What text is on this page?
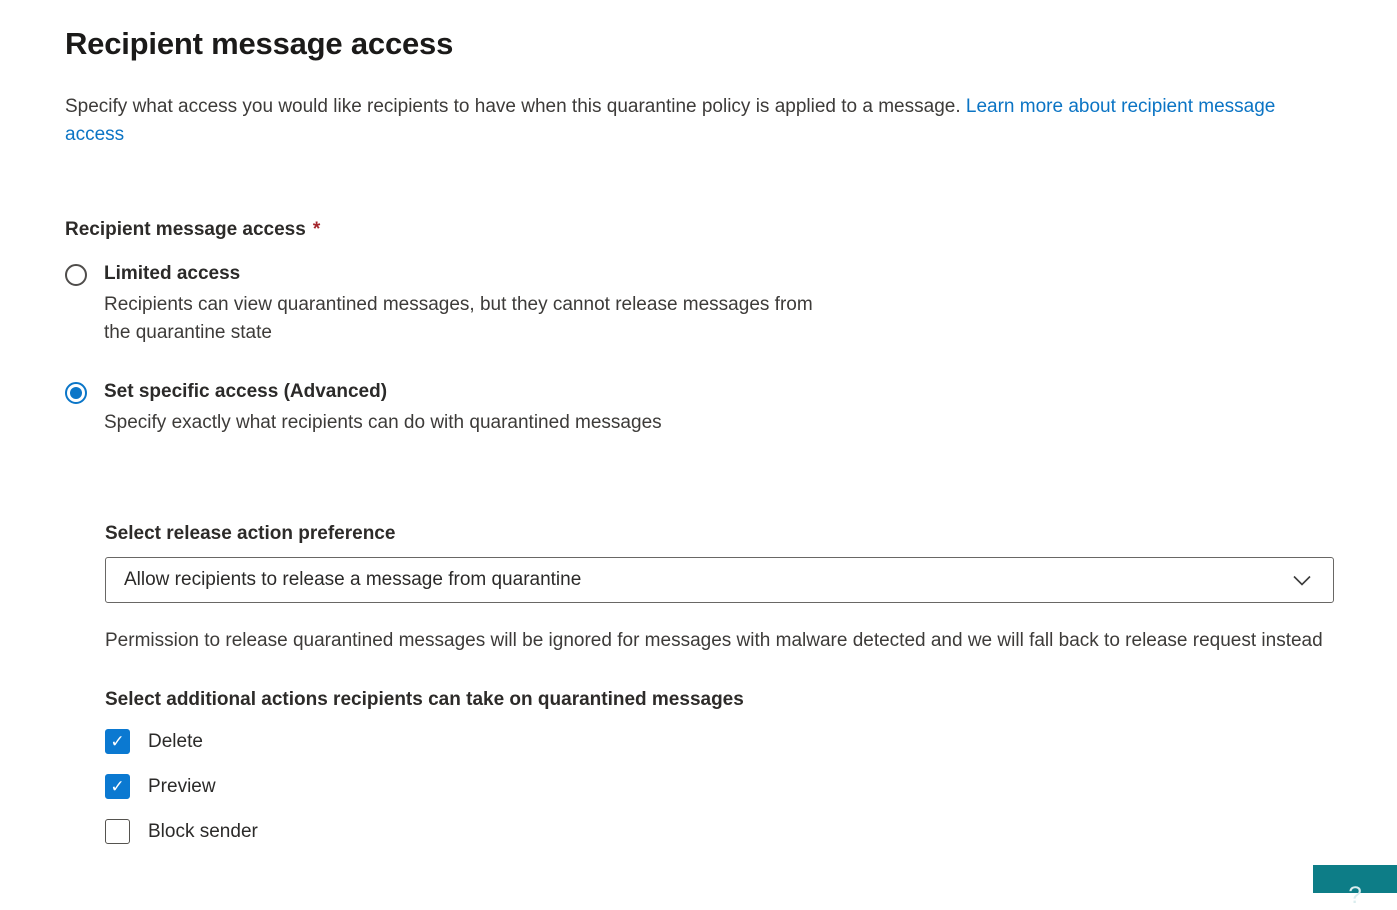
Recipient message access

Specify what access you would like recipients to have when this quarantine policy is applied to a message. Learn more about recipient message access

Recipient message access *
Limited access
Recipients can view quarantined messages, but they cannot release messages from the quarantine state
Set specific access (Advanced)
Specify exactly what recipients can do with quarantined messages
Select release action preference
Allow recipients to release a message from quarantine

Permission to release quarantined messages will be ignored for messages with malware detected and we will fall back to release request instead

Select additional actions recipients can take on quarantined messages
✓ Delete
✓ Preview
Block sender
?
